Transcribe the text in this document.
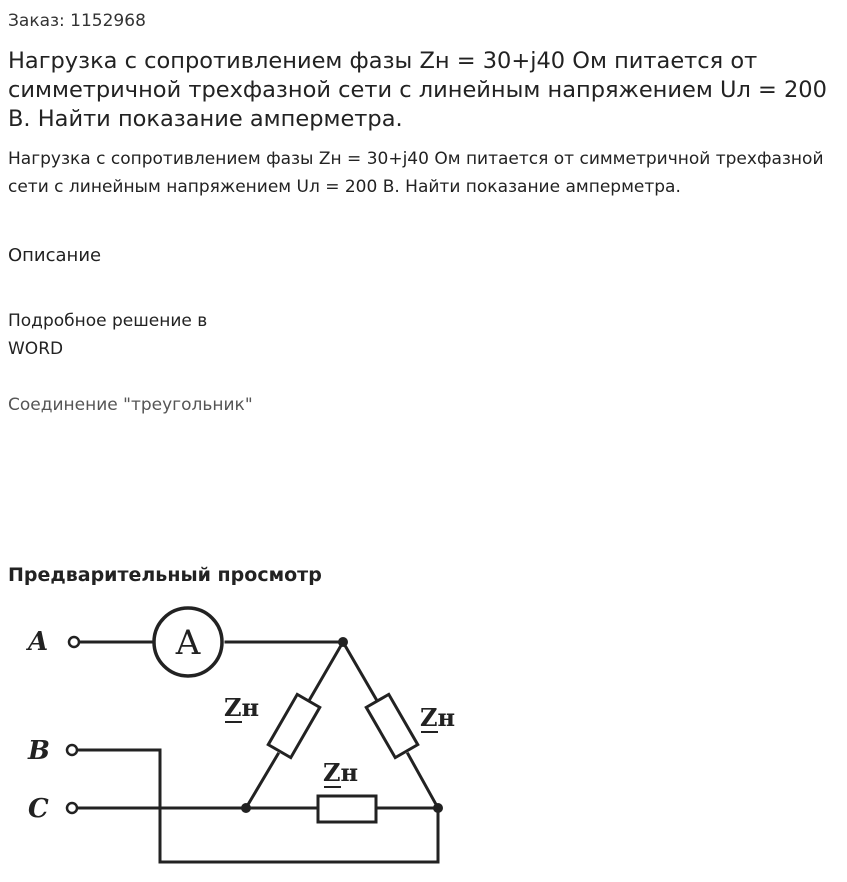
Заказ: 1152968
Нагрузка с сопротивлением фазы Zн = 30+j40 Ом питается от симметричной трехфазной сети с линейным напряжением Uл = 200 В. Найти показание амперметра.

Нагрузка с сопротивлением фазы Zн = 30+j40 Ом питается от симметричной трехфазной сети с линейным напряжением Uл = 200 В. Найти показание амперметра.

Описание
Подробное решение в
WORD
Соединение "треугольник"
Предварительный просмотр
A
A
B
C
Zн	Zн
Zн
